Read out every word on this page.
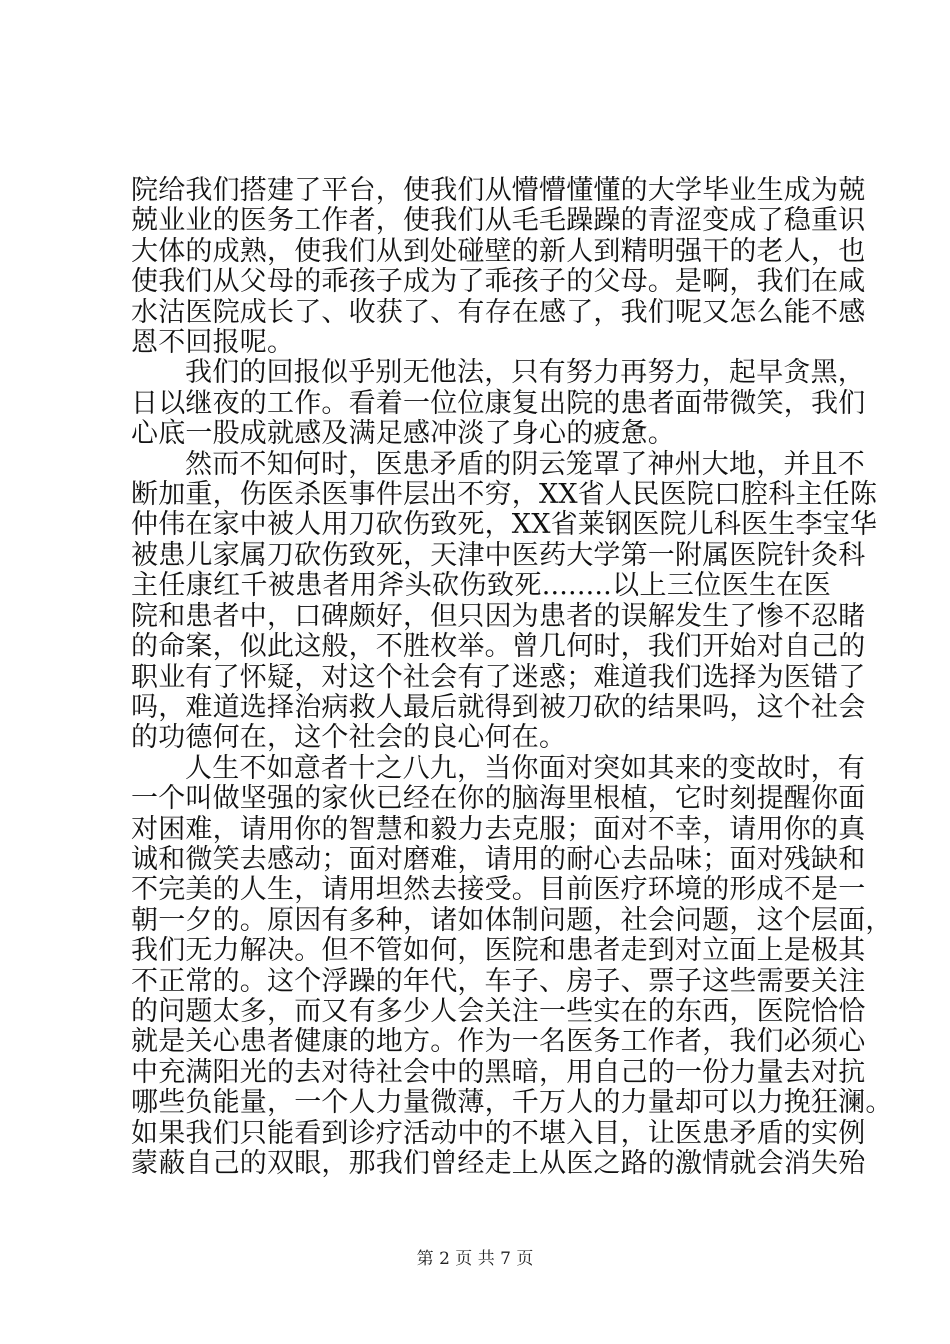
院给我们搭建了平台，使我们从懵懵懂懂的大学毕业生成为兢
兢业业的医务工作者，使我们从毛毛躁躁的青涩变成了稳重识
大体的成熟，使我们从到处碰壁的新人到精明强干的老人，也
使我们从父母的乖孩子成为了乖孩子的父母。是啊，我们在咸
水沽医院成长了、收获了、有存在感了，我们呢又怎么能不感
恩不回报呢。

我们的回报似乎别无他法，只有努力再努力，起早贪黑，
日以继夜的工作。看着一位位康复出院的患者面带微笑，我们
心底一股成就感及满足感冲淡了身心的疲惫。

然而不知何时，医患矛盾的阴云笼罩了神州大地，并且不
断加重，伤医杀医事件层出不穷，XX省人民医院口腔科主任陈
仲伟在家中被人用刀砍伤致死，XX省莱钢医院儿科医生李宝华
被患儿家属刀砍伤致死，天津中医药大学第一附属医院针灸科
主任康红千被患者用斧头砍伤致死........以上三位医生在医
院和患者中，口碑颇好，但只因为患者的误解发生了惨不忍睹
的命案，似此这般，不胜枚举。曾几何时，我们开始对自己的
职业有了怀疑，对这个社会有了迷惑；难道我们选择为医错了
吗，难道选择治病救人最后就得到被刀砍的结果吗，这个社会
的功德何在，这个社会的良心何在。

人生不如意者十之八九，当你面对突如其来的变故时，有
一个叫做坚强的家伙已经在你的脑海里根植，它时刻提醒你面
对困难，请用你的智慧和毅力去克服；面对不幸，请用你的真
诚和微笑去感动；面对磨难，请用的耐心去品味；面对残缺和
不完美的人生，请用坦然去接受。目前医疗环境的形成不是一
朝一夕的。原因有多种，诸如体制问题，社会问题，这个层面，
我们无力解决。但不管如何，医院和患者走到对立面上是极其
不正常的。这个浮躁的年代，车子、房子、票子这些需要关注
的问题太多，而又有多少人会关注一些实在的东西，医院恰恰
就是关心患者健康的地方。作为一名医务工作者，我们必须心
中充满阳光的去对待社会中的黑暗，用自己的一份力量去对抗
哪些负能量，一个人力量微薄，千万人的力量却可以力挽狂澜。
如果我们只能看到诊疗活动中的不堪入目，让医患矛盾的实例
蒙蔽自己的双眼，那我们曾经走上从医之路的激情就会消失殆

第 2 页 共 7 页
